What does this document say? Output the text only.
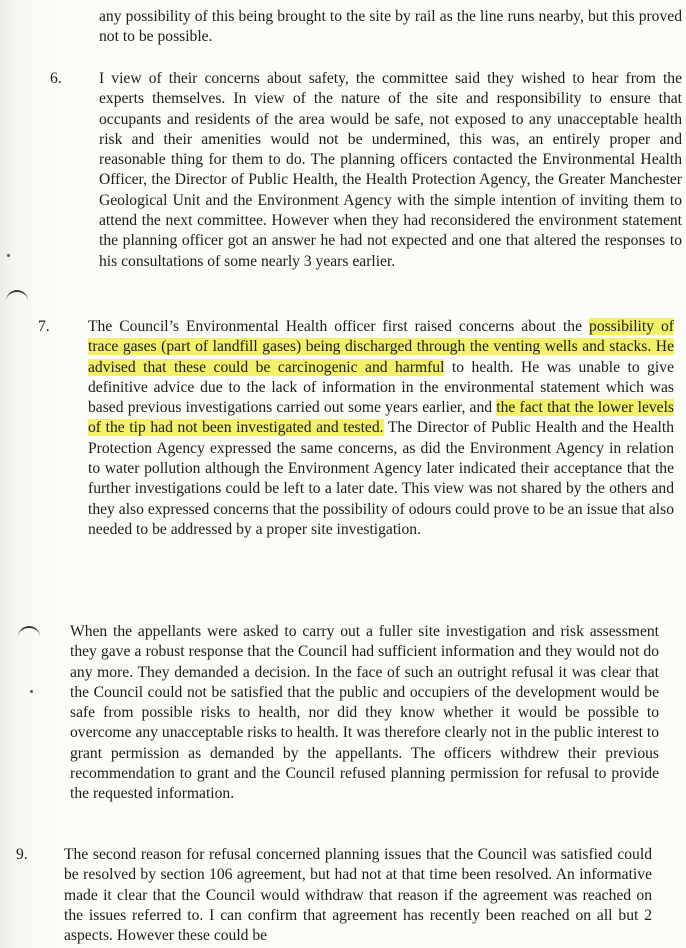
any possibility of this being brought to the site by rail as the line runs nearby, but this proved not to be possible.
6. I view of their concerns about safety, the committee said they wished to hear from the experts themselves. In view of the nature of the site and responsibility to ensure that occupants and residents of the area would be safe, not exposed to any unacceptable health risk and their amenities would not be undermined, this was, an entirely proper and reasonable thing for them to do. The planning officers contacted the Environmental Health Officer, the Director of Public Health, the Health Protection Agency, the Greater Manchester Geological Unit and the Environment Agency with the simple intention of inviting them to attend the next committee. However when they had reconsidered the environment statement the planning officer got an answer he had not expected and one that altered the responses to his consultations of some nearly 3 years earlier.
7. The Council’s Environmental Health officer first raised concerns about the possibility of trace gases (part of landfill gases) being discharged through the venting wells and stacks. He advised that these could be carcinogenic and harmful to health. He was unable to give definitive advice due to the lack of information in the environmental statement which was based previous investigations carried out some years earlier, and the fact that the lower levels of the tip had not been investigated and tested. The Director of Public Health and the Health Protection Agency expressed the same concerns, as did the Environment Agency in relation to water pollution although the Environment Agency later indicated their acceptance that the further investigations could be left to a later date. This view was not shared by the others and they also expressed concerns that the possibility of odours could prove to be an issue that also needed to be addressed by a proper site investigation.
When the appellants were asked to carry out a fuller site investigation and risk assessment they gave a robust response that the Council had sufficient information and they would not do any more. They demanded a decision. In the face of such an outright refusal it was clear that the Council could not be satisfied that the public and occupiers of the development would be safe from possible risks to health, nor did they know whether it would be possible to overcome any unacceptable risks to health. It was therefore clearly not in the public interest to grant permission as demanded by the appellants. The officers withdrew their previous recommendation to grant and the Council refused planning permission for refusal to provide the requested information.
9. The second reason for refusal concerned planning issues that the Council was satisfied could be resolved by section 106 agreement, but had not at that time been resolved. An informative made it clear that the Council would withdraw that reason if the agreement was reached on the issues referred to. I can confirm that agreement has recently been reached on all but 2 aspects. However these could be
